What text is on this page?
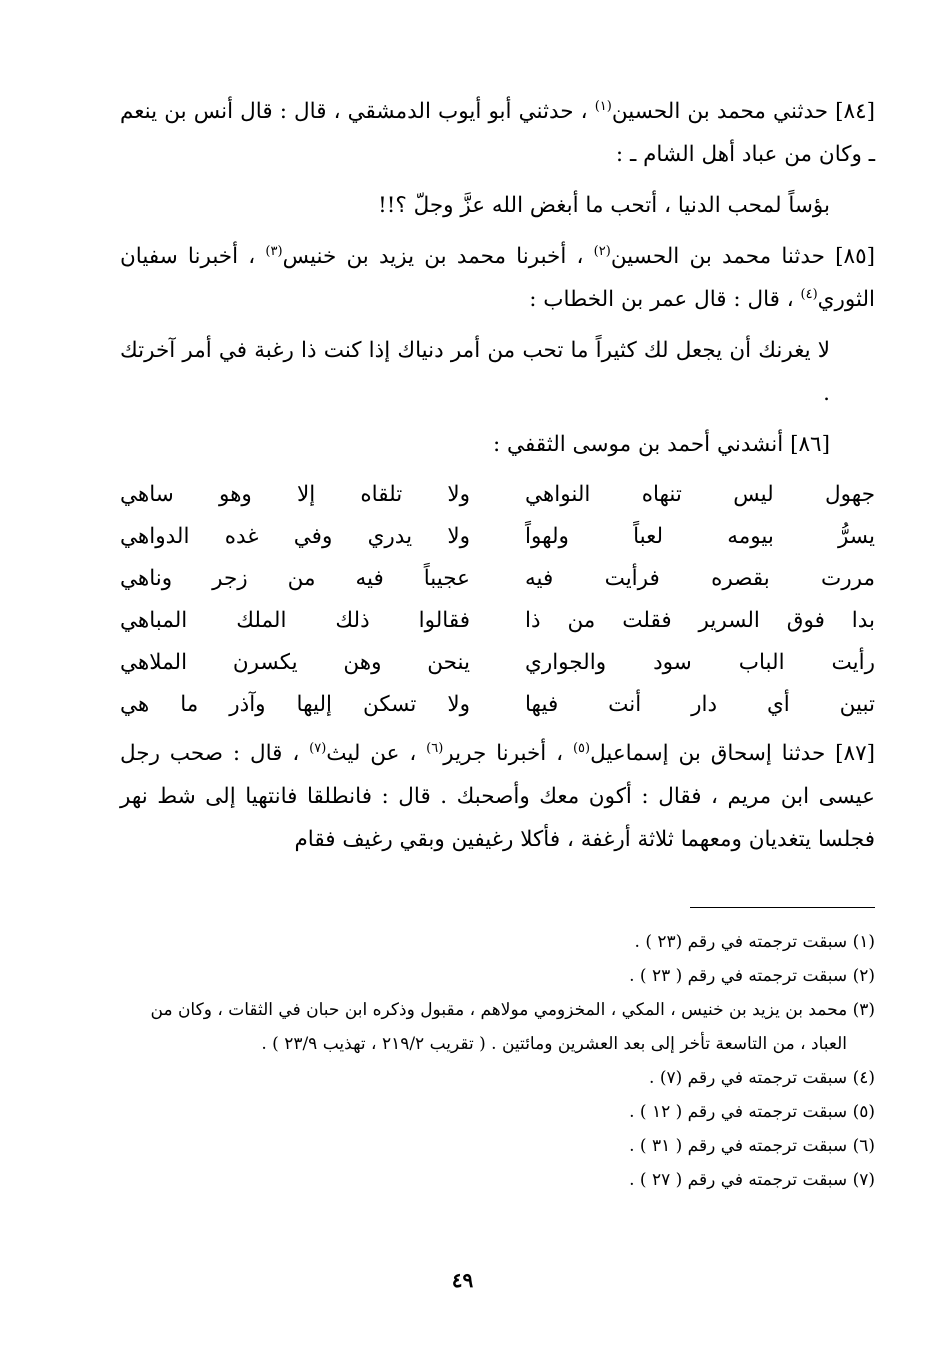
[٨٤] حدثني محمد بن الحسين$^{(١)}$ ، حدثني أبو أيوب الدمشقي ، قال : قال أنس بن ينعم ـ وكان من عباد أهل الشام ـ :

بؤساً لمحب الدنيا ، أتحب ما أبغض الله عزَّ وجلّ ؟!!

[٨٥] حدثنا محمد بن الحسين$^{(٢)}$ ، أخبرنا محمد بن يزيد بن خنيس$^{(٣)}$ ، أخبرنا سفيان الثوري$^{(٤)}$ ، قال : قال عمر بن الخطاب :

لا يغرنك أن يجعل لك كثيراً ما تحب من أمر دنياك إذا كنت ذا رغبة في أمر آخرتك .

[٨٦] أنشدني أحمد بن موسى الثقفي :

جهول ليس تنهاه النواهي
ولا تلقاه إلا وهو ساهي
يسرُّ بيومه لعباً ولهواً
ولا يدري وفي غده الدواهي
مررت بقصره فرأيت فيه
عجيباً فيه من زجر وناهي
بدا فوق السرير فقلت من ذا
فقالوا ذلك الملك المباهي
رأيت الباب سود والجواري
ينحن وهن يكسرن الملاهي
تبين أي دار أنت فيها
ولا تسكن إليها وآذر ما هي

[٨٧] حدثنا إسحاق بن إسماعيل$^{(٥)}$ ، أخبرنا جرير$^{(٦)}$ ، عن ليث$^{(٧)}$ ، قال : صحب رجل عيسى ابن مريم ، فقال : أكون معك وأصحبك . قال : فانطلقا فانتهيا إلى شط نهر فجلسا يتغديان ومعهما ثلاثة أرغفة ، فأكلا رغيفين وبقي رغيف فقام

(١) سبقت ترجمته في رقم (٢٣ ) .

(٢) سبقت ترجمته في رقم ( ٢٣ ) .

(٣) محمد بن يزيد بن خنيس ، المكي ، المخزومي مولاهم ، مقبول وذكره ابن حبان في الثقات ، وكان من العباد ، من التاسعة تأخر إلى بعد العشرين ومائتين . ( تقريب ٢١٩/٢ ، تهذيب ٢٣/٩ ) .

(٤) سبقت ترجمته في رقم (٧) .

(٥) سبقت ترجمته في رقم ( ١٢ ) .

(٦) سبقت ترجمته في رقم ( ٣١ ) .

(٧) سبقت ترجمته في رقم ( ٢٧ ) .

٤٩
